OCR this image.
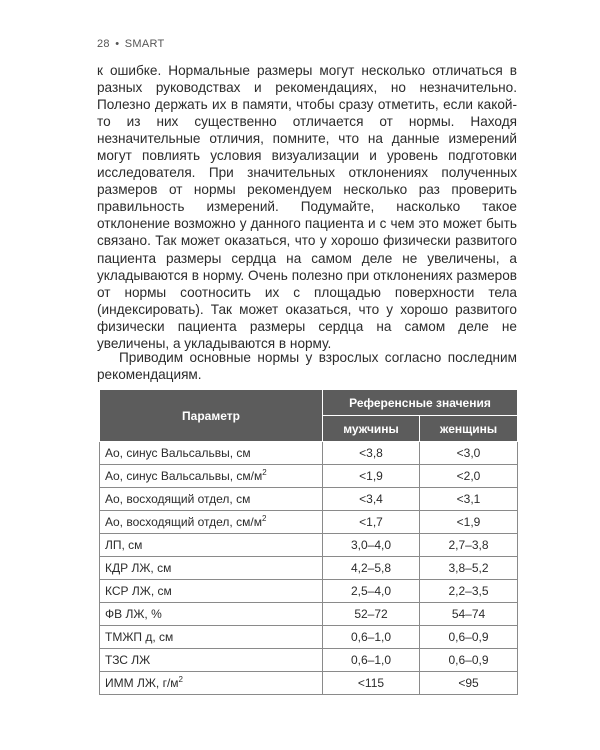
28 • SMART

к ошибке. Нормальные размеры могут несколько отличаться в разных руководствах и рекомендациях, но незначительно. Полезно держать их в памяти, чтобы сразу отметить, если какой-то из них существенно отличается от нормы. Находя незначительные отличия, помните, что на данные измерений могут повлиять условия визуализации и уровень подготовки исследователя. При значительных отклонениях полученных размеров от нормы рекомендуем несколько раз проверить правильность измерений. Подумайте, насколько такое отклонение возможно у данного пациента и с чем это может быть связано. Так может оказаться, что у хорошо физически развитого пациента размеры сердца на самом деле не увеличены, а укладываются в норму. Очень полезно при отклонениях размеров от нормы соотносить их с площадью поверхности тела (индексировать). Так может оказаться, что у хорошо развитого физически пациента размеры сердца на самом деле не увеличены, а укладываются в норму.

Приводим основные нормы у взрослых согласно последним рекомендациям.

Параметр	Референсные значения	
	мужчины	женщины
Ао, синус Вальсальвы, см	<3,8	<3,0
Ао, синус Вальсальвы, $см/м^2$	<1,9	<2,0
Ао, восходящий отдел, см	<3,4	<3,1
Ао, восходящий отдел, $см/м^2$	<1,7	<1,9
ЛП, см	3,0–4,0	2,7–3,8
КДР ЛЖ, см	4,2–5,8	3,8–5,2
КСР ЛЖ, см	2,5–4,0	2,2–3,5
ФВ ЛЖ, %	52–72	54–74
ТМЖП д, см	0,6–1,0	0,6–0,9
ТЗС ЛЖ	0,6–1,0	0,6–0,9
ИММ ЛЖ, $г/м^2$	<115	<95
